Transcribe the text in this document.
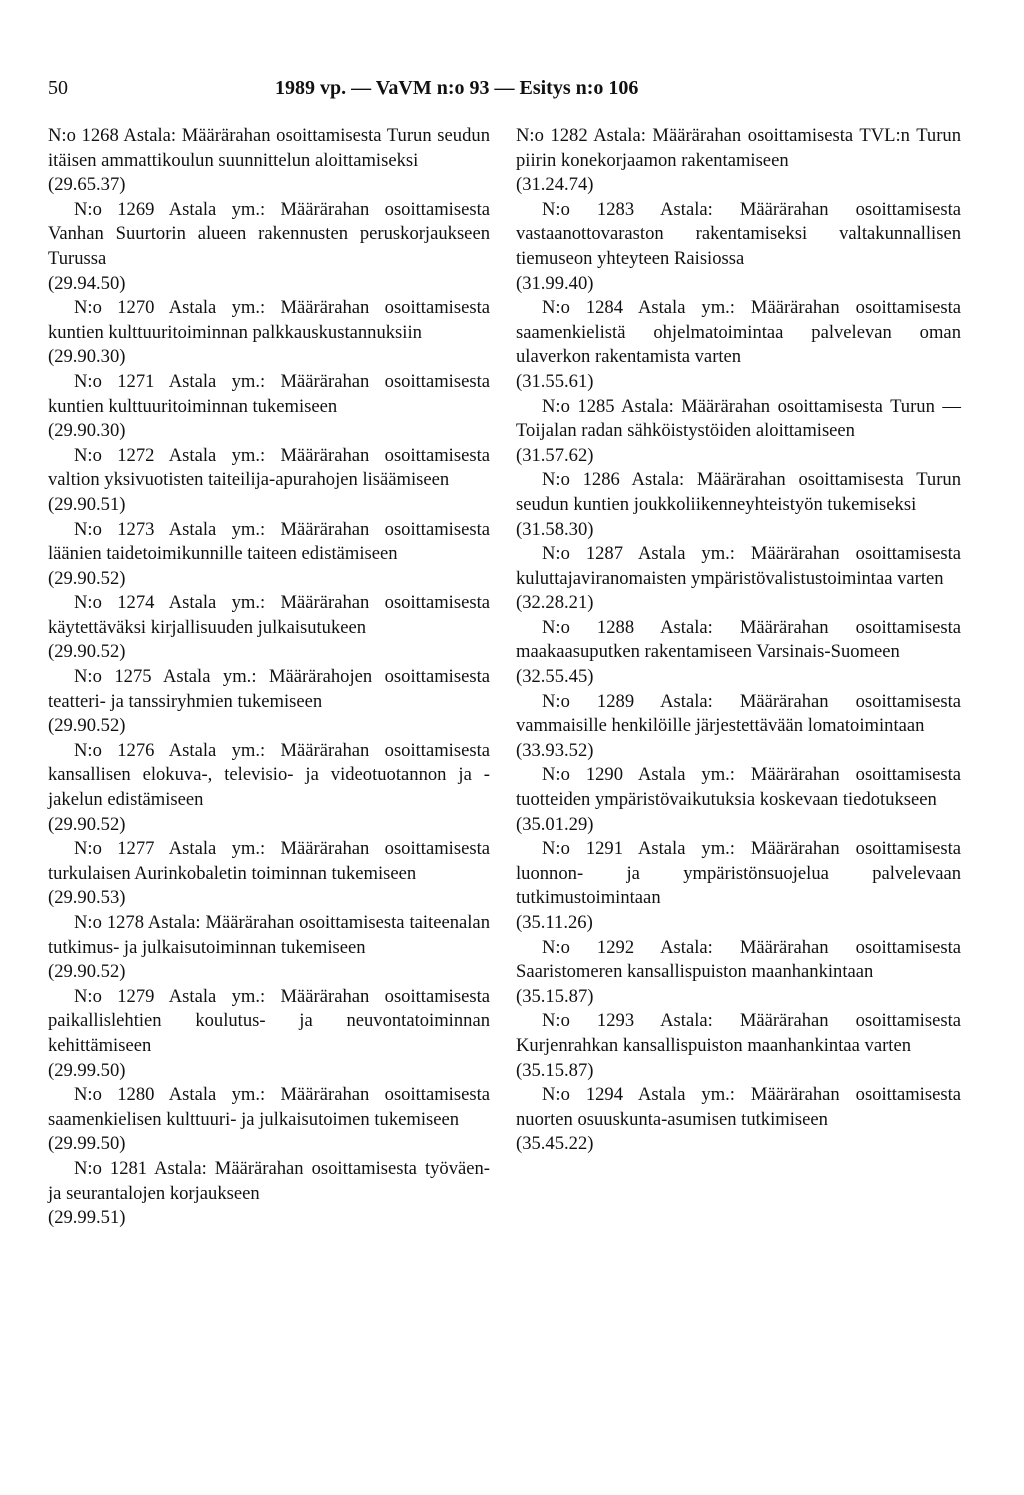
50	1989 vp. — VaVM n:o 93 — Esitys n:o 106

N:o 1268 Astala: Määrärahan osoittamisesta Turun seudun itäisen ammattikoulun suunnittelun aloittamiseksi

(29.65.37)

N:o 1269 Astala ym.: Määrärahan osoittamisesta Vanhan Suurtorin alueen rakennusten peruskorjaukseen Turussa

(29.94.50)

N:o 1270 Astala ym.: Määrärahan osoittamisesta kuntien kulttuuritoiminnan palkkauskustannuksiin

(29.90.30)

N:o 1271 Astala ym.: Määrärahan osoittamisesta kuntien kulttuuritoiminnan tukemiseen

(29.90.30)

N:o 1272 Astala ym.: Määrärahan osoittamisesta valtion yksivuotisten taiteilija-apurahojen lisäämiseen

(29.90.51)

N:o 1273 Astala ym.: Määrärahan osoittamisesta läänien taidetoimikunnille taiteen edistämiseen

(29.90.52)

N:o 1274 Astala ym.: Määrärahan osoittamisesta käytettäväksi kirjallisuuden julkaisutukeen

(29.90.52)

N:o 1275 Astala ym.: Määrärahojen osoittamisesta teatteri- ja tanssiryhmien tukemiseen

(29.90.52)

N:o 1276 Astala ym.: Määrärahan osoittamisesta kansallisen elokuva-, televisio- ja videotuotannon ja -jakelun edistämiseen

(29.90.52)

N:o 1277 Astala ym.: Määrärahan osoittamisesta turkulaisen Aurinkobaletin toiminnan tukemiseen

(29.90.53)

N:o 1278 Astala: Määrärahan osoittamisesta taiteenalan tutkimus- ja julkaisutoiminnan tukemiseen

(29.90.52)

N:o 1279 Astala ym.: Määrärahan osoittamisesta paikallislehtien koulutus- ja neuvontatoiminnan kehittämiseen

(29.99.50)

N:o 1280 Astala ym.: Määrärahan osoittamisesta saamenkielisen kulttuuri- ja julkaisutoimen tukemiseen

(29.99.50)

N:o 1281 Astala: Määrärahan osoittamisesta työväen- ja seurantalojen korjaukseen

(29.99.51)

N:o 1282 Astala: Määrärahan osoittamisesta TVL:n Turun piirin konekorjaamon rakentamiseen

(31.24.74)

N:o 1283 Astala: Määrärahan osoittamisesta vastaanottovaraston rakentamiseksi valtakunnallisen tiemuseon yhteyteen Raisiossa

(31.99.40)

N:o 1284 Astala ym.: Määrärahan osoittamisesta saamenkielistä ohjelmatoimintaa palvelevan oman ulaverkon rakentamista varten

(31.55.61)

N:o 1285 Astala: Määrärahan osoittamisesta Turun — Toijalan radan sähköistystöiden aloittamiseen

(31.57.62)

N:o 1286 Astala: Määrärahan osoittamisesta Turun seudun kuntien joukkoliikenneyhteistyön tukemiseksi

(31.58.30)

N:o 1287 Astala ym.: Määrärahan osoittamisesta kuluttajaviranomaisten ympäristövalistustoimintaa varten

(32.28.21)

N:o 1288 Astala: Määrärahan osoittamisesta maakaasuputken rakentamiseen Varsinais-Suomeen

(32.55.45)

N:o 1289 Astala: Määrärahan osoittamisesta vammaisille henkilöille järjestettävään lomatoimintaan

(33.93.52)

N:o 1290 Astala ym.: Määrärahan osoittamisesta tuotteiden ympäristövaikutuksia koskevaan tiedotukseen

(35.01.29)

N:o 1291 Astala ym.: Määrärahan osoittamisesta luonnon- ja ympäristönsuojelua palvelevaan tutkimustoimintaan

(35.11.26)

N:o 1292 Astala: Määrärahan osoittamisesta Saaristomeren kansallispuiston maanhankintaan

(35.15.87)

N:o 1293 Astala: Määrärahan osoittamisesta Kurjenrahkan kansallispuiston maanhankintaa varten

(35.15.87)

N:o 1294 Astala ym.: Määrärahan osoittamisesta nuorten osuuskunta-asumisen tutkimiseen

(35.45.22)
